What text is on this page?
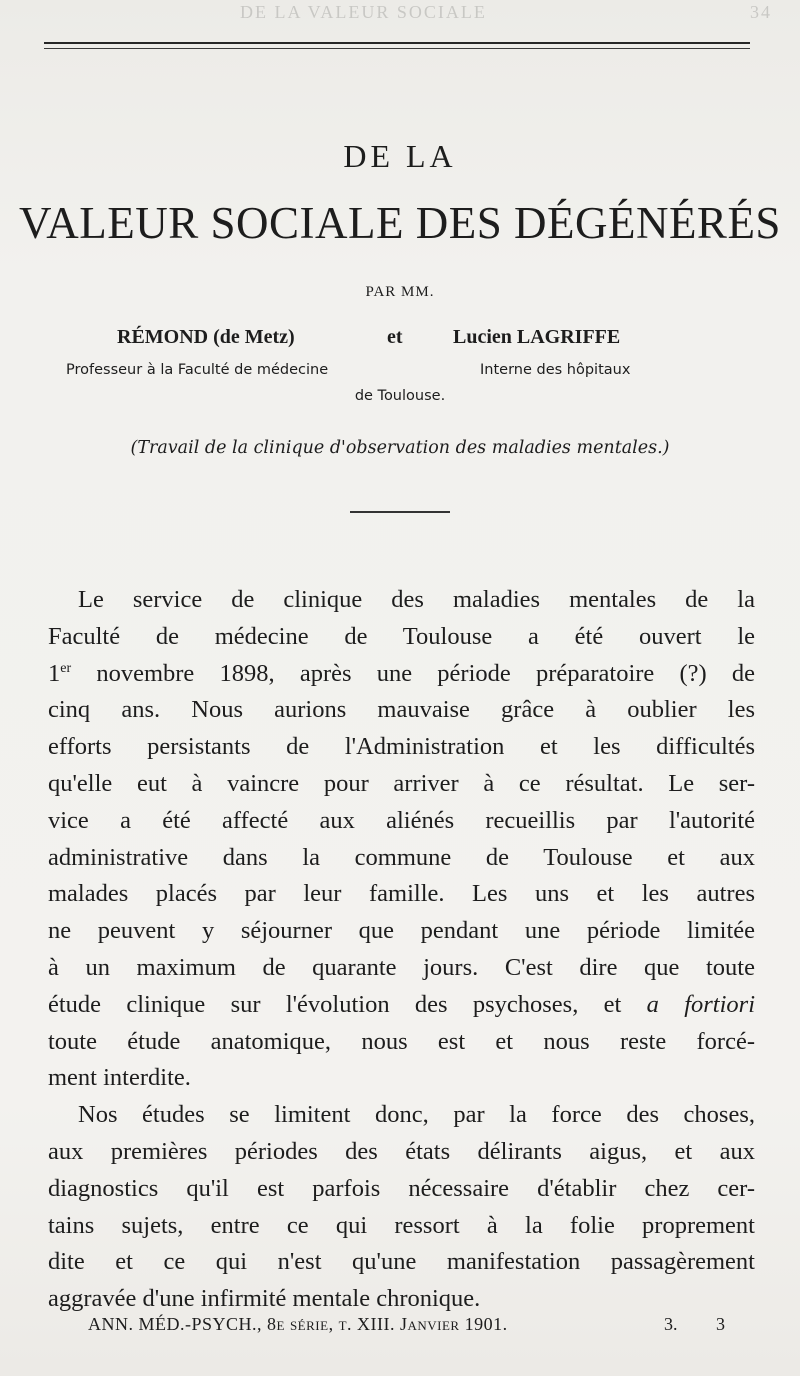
DE LA VALEUR SOCIALE	34
DE LA
VALEUR SOCIALE DES DÉGÉNÉRÉS
PAR MM.
RÉMOND (de Metz)	et	Lucien LAGRIFFE
Professeur à la Faculté de médecine	Interne des hôpitaux
de Toulouse.
(Travail de la clinique d'observation des maladies mentales.)
Le service de clinique des maladies mentales de la
Faculté de médecine de Toulouse a été ouvert le
1er novembre 1898, après une période préparatoire (?) de
cinq ans. Nous aurions mauvaise grâce à oublier les
efforts persistants de l'Administration et les difficultés
qu'elle eut à vaincre pour arriver à ce résultat. Le ser-
vice a été affecté aux aliénés recueillis par l'autorité
administrative dans la commune de Toulouse et aux
malades placés par leur famille. Les uns et les autres
ne peuvent y séjourner que pendant une période limitée
à un maximum de quarante jours. C'est dire que toute
étude clinique sur l'évolution des psychoses, et a fortiori
toute étude anatomique, nous est et nous reste forcé-
ment interdite.
Nos études se limitent donc, par la force des choses,
aux premières périodes des états délirants aigus, et aux
diagnostics qu'il est parfois nécessaire d'établir chez cer-
tains sujets, entre ce qui ressort à la folie proprement
dite et ce qui n'est qu'une manifestation passagèrement
aggravée d'une infirmité mentale chronique.
ANN. MÉD.-PSYCH., 8e série, t. XIII. Janvier 1901.	3. 3
